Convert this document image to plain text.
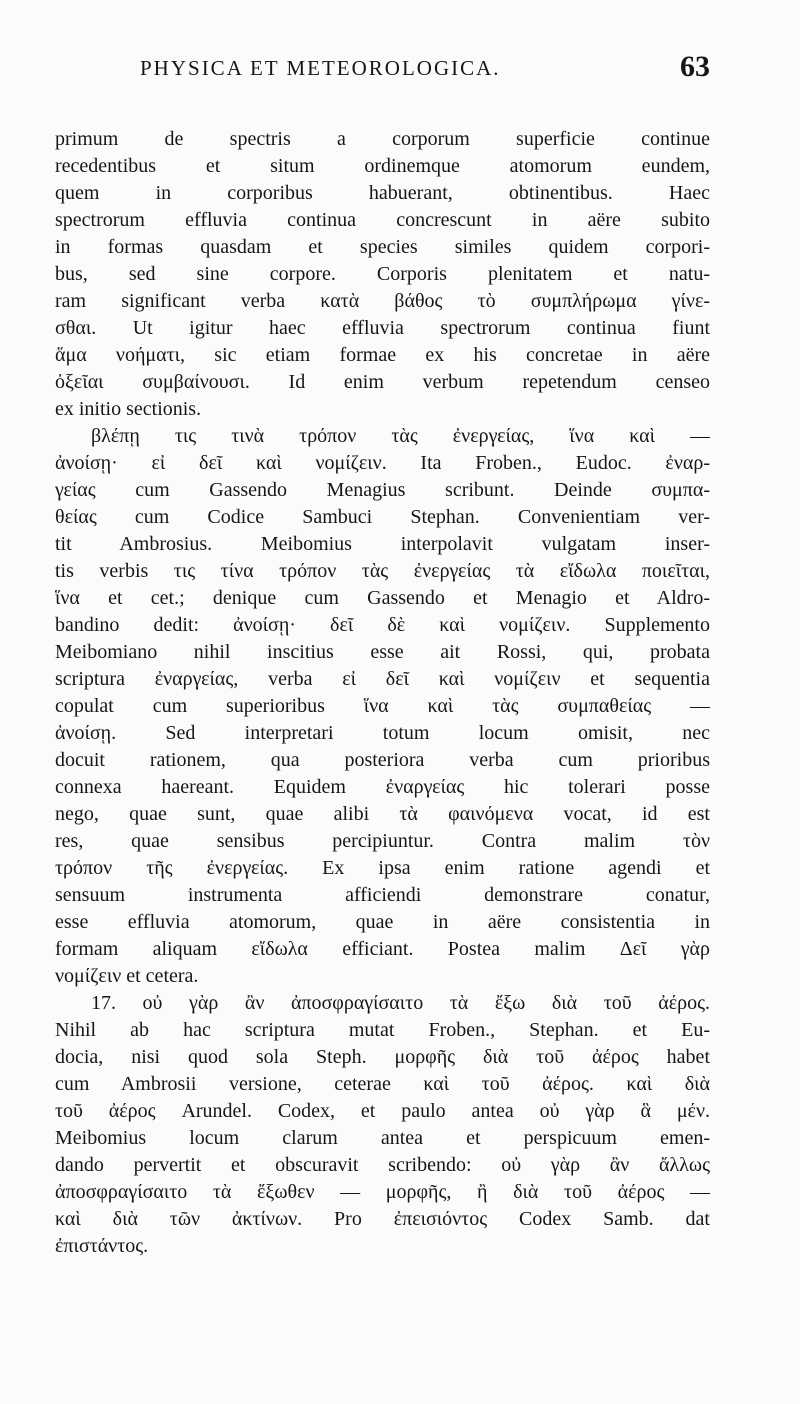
PHYSICA ET METEOROLOGICA.	63
primum de spectris a corporum superficie continue
recedentibus et situm ordinemque atomorum eundem,
quem in corporibus habuerant, obtinentibus. Haec
spectrorum effluvia continua concrescunt in aëre subito
in formas quasdam et species similes quidem corpori-
bus, sed sine corpore. Corporis plenitatem et natu-
ram significant verba κατὰ βάθος τὸ συμπλήρωμα γίνε-
σθαι. Ut igitur haec effluvia spectrorum continua fiunt
ἅμα νοήματι, sic etiam formae ex his concretae in aëre
ὀξεῖαι συμβαίνουσι. Id enim verbum repetendum censeo
ex initio sectionis.
βλέπῃ τις τινὰ τρόπον τὰς ἐνεργείας, ἵνα καὶ —
ἀνοίσῃ· εἰ δεῖ καὶ νομίζειν. Ita Froben., Eudoc. ἐναρ-
γείας cum Gassendo Menagius scribunt. Deinde συμπα-
θείας cum Codice Sambuci Stephan. Convenientiam ver-
tit Ambrosius. Meibomius interpolavit vulgatam inser-
tis verbis τις τίνα τρόπον τὰς ἐνεργείας τὰ εἴδωλα ποιεῖται,
ἵνα et cet.; denique cum Gassendo et Menagio et Aldro-
bandino dedit: ἀνοίσῃ· δεῖ δὲ καὶ νομίζειν. Supplemento
Meibomiano nihil inscitius esse ait Rossi, qui, probata
scriptura ἐναργείας, verba εἰ δεῖ καὶ νομίζειν et sequentia
copulat cum superioribus ἵνα καὶ τὰς συμπαθείας —
ἀνοίσῃ. Sed interpretari totum locum omisit, nec
docuit rationem, qua posteriora verba cum prioribus
connexa haereant. Equidem ἐναργείας hic tolerari posse
nego, quae sunt, quae alibi τὰ φαινόμενα vocat, id est
res, quae sensibus percipiuntur. Contra malim τὸν
τρόπον τῆς ἐνεργείας. Ex ipsa enim ratione agendi et
sensuum instrumenta afficiendi demonstrare conatur,
esse effluvia atomorum, quae in aëre consistentia in
formam aliquam εἴδωλα efficiant. Postea malim Δεῖ γὰρ
νομίζειν et cetera.
17. οὐ γὰρ ἂν ἀποσφραγίσαιτο τὰ ἔξω διὰ τοῦ ἀέρος.
Nihil ab hac scriptura mutat Froben., Stephan. et Eu-
docia, nisi quod sola Steph. μορφῆς διὰ τοῦ ἀέρος habet
cum Ambrosii versione, ceterae καὶ τοῦ ἀέρος. καὶ διὰ
τοῦ ἀέρος Arundel. Codex, et paulo antea οὐ γὰρ ἃ μέν.
Meibomius locum clarum antea et perspicuum emen-
dando pervertit et obscuravit scribendo: οὐ γὰρ ἂν ἄλλως
ἀποσφραγίσαιτο τὰ ἔξωθεν — μορφῆς, ἢ διὰ τοῦ ἀέρος —
καὶ διὰ τῶν ἀκτίνων. Pro ἐπεισιόντος Codex Samb. dat
ἐπιστάντος.
